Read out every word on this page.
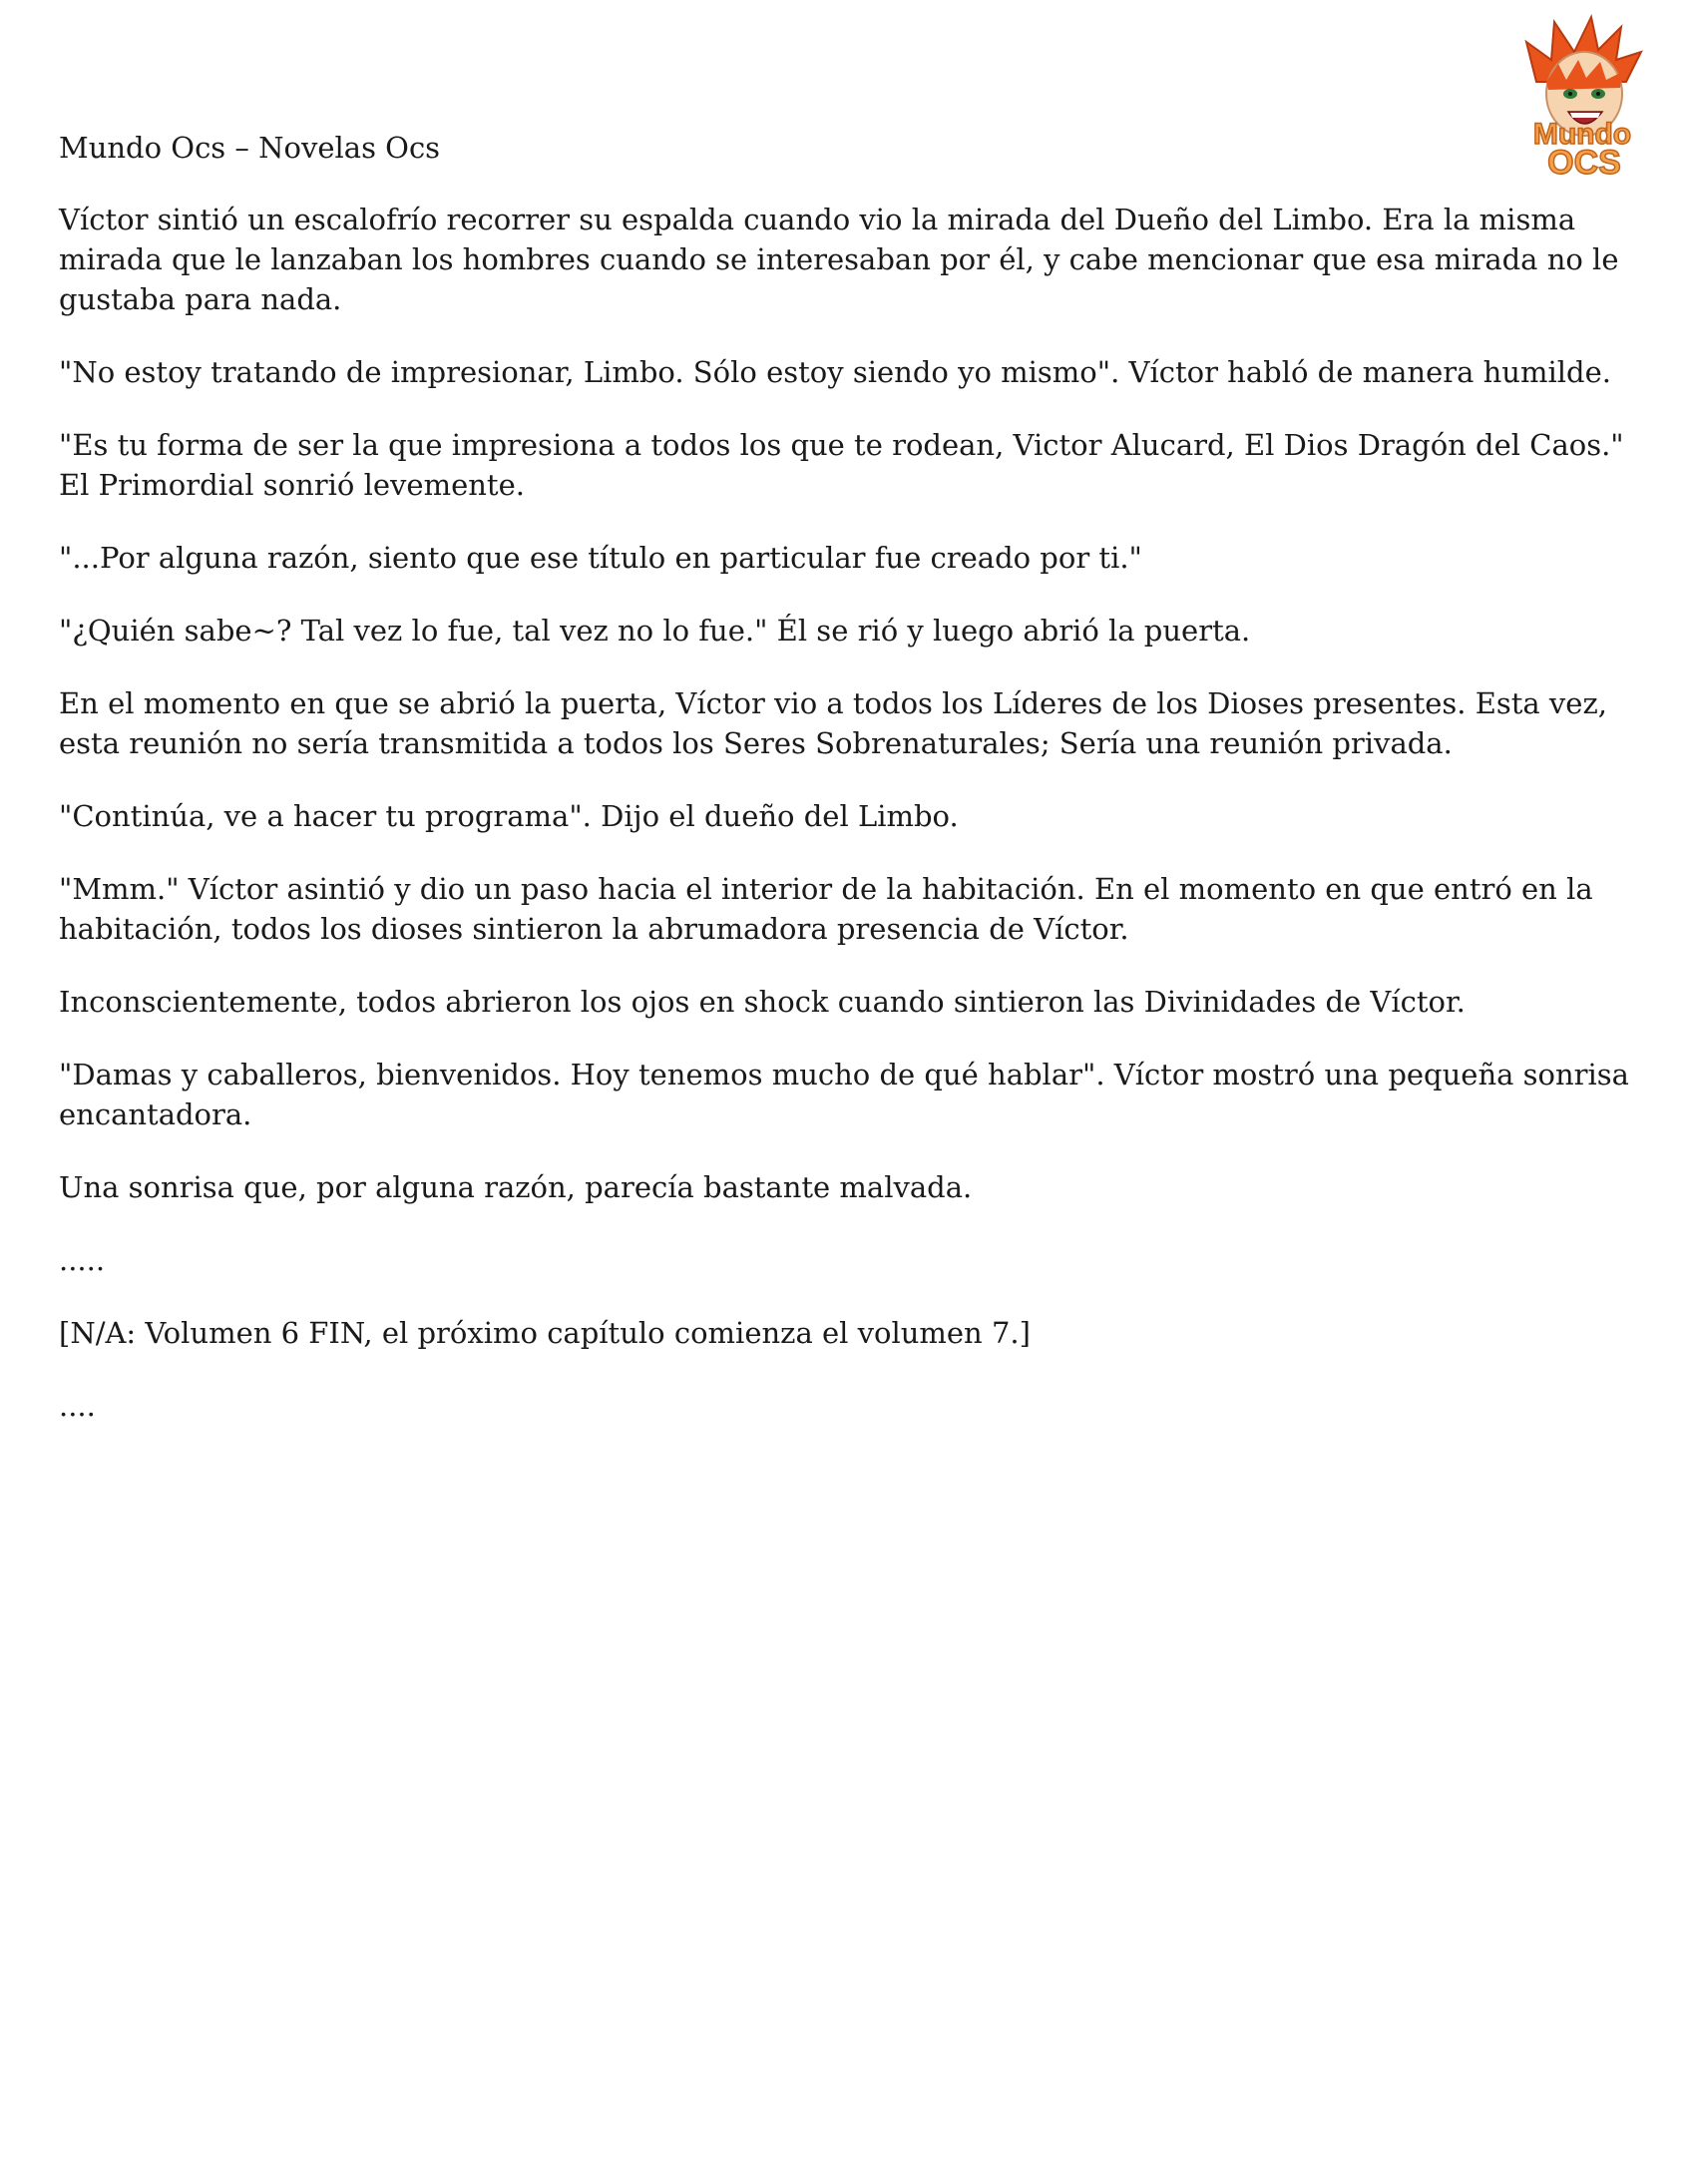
Mundo
OCS

Mundo Ocs – Novelas Ocs

Víctor sintió un escalofrío recorrer su espalda cuando vio la mirada del Dueño del Limbo. Era la misma mirada que le lanzaban los hombres cuando se interesaban por él, y cabe mencionar que esa mirada no le gustaba para nada.

"No estoy tratando de impresionar, Limbo. Sólo estoy siendo yo mismo". Víctor habló de manera humilde.

"Es tu forma de ser la que impresiona a todos los que te rodean, Victor Alucard, El Dios Dragón del Caos." El Primordial sonrió levemente.

"...Por alguna razón, siento que ese título en particular fue creado por ti."

"¿Quién sabe~? Tal vez lo fue, tal vez no lo fue." Él se rió y luego abrió la puerta.

En el momento en que se abrió la puerta, Víctor vio a todos los Líderes de los Dioses presentes. Esta vez, esta reunión no sería transmitida a todos los Seres Sobrenaturales; Sería una reunión privada.

"Continúa, ve a hacer tu programa". Dijo el dueño del Limbo.

"Mmm." Víctor asintió y dio un paso hacia el interior de la habitación. En el momento en que entró en la habitación, todos los dioses sintieron la abrumadora presencia de Víctor.

Inconscientemente, todos abrieron los ojos en shock cuando sintieron las Divinidades de Víctor.

"Damas y caballeros, bienvenidos. Hoy tenemos mucho de qué hablar". Víctor mostró una pequeña sonrisa encantadora.

Una sonrisa que, por alguna razón, parecía bastante malvada.

.....

[N/A: Volumen 6 FIN, el próximo capítulo comienza el volumen 7.]

....
